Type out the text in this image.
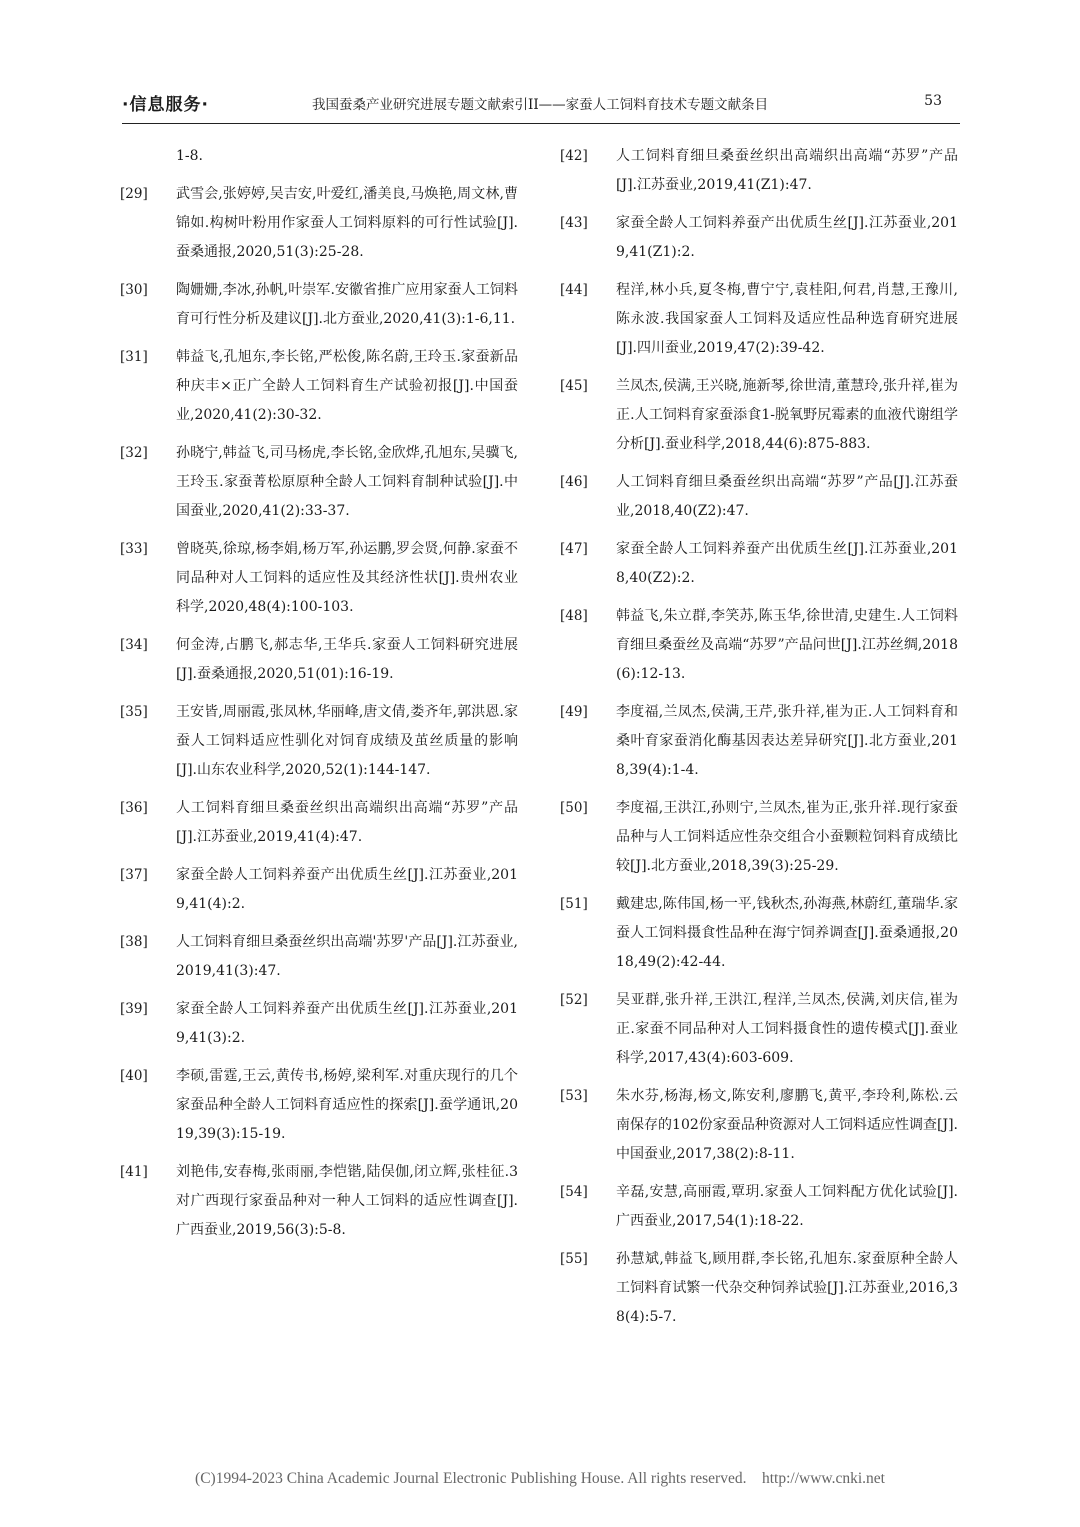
·信息服务·	我国蚕桑产业研究进展专题文献索引II——家蚕人工饲料育技术专题文献条目	53
1-8.
[29]	武雪会,张婷婷,吴吉安,叶爱红,潘美良,马焕艳,周文林,曹锦如.构树叶粉用作家蚕人工饲料原料的可行性试验[J].蚕桑通报,2020,51(3):25-28.
[30]	陶姗姗,李冰,孙帆,叶崇军.安徽省推广应用家蚕人工饲料育可行性分析及建议[J].北方蚕业,2020,41(3):1-6,11.
[31]	韩益飞,孔旭东,李长铭,严松俊,陈名蔚,王玲玉.家蚕新品种庆丰×正广全龄人工饲料育生产试验初报[J].中国蚕业,2020,41(2):30-32.
[32]	孙晓宁,韩益飞,司马杨虎,李长铭,金欣烨,孔旭东,吴骥飞,王玲玉.家蚕菁松原原种全龄人工饲料育制种试验[J].中国蚕业,2020,41(2):33-37.
[33]	曾晓英,徐琼,杨李娟,杨万军,孙运鹏,罗会贤,何静.家蚕不同品种对人工饲料的适应性及其经济性状[J].贵州农业科学,2020,48(4):100-103.
[34]	何金涛,占鹏飞,郝志华,王华兵.家蚕人工饲料研究进展[J].蚕桑通报,2020,51(01):16-19.
[35]	王安皆,周丽霞,张凤林,华丽峰,唐文倩,娄齐年,郭洪恩.家蚕人工饲料适应性驯化对饲育成绩及茧丝质量的影响[J].山东农业科学,2020,52(1):144-147.
[36]	人工饲料育细旦桑蚕丝织出高端织出高端“苏罗”产品[J].江苏蚕业,2019,41(4):47.
[37]	家蚕全龄人工饲料养蚕产出优质生丝[J].江苏蚕业,2019,41(4):2.
[38]	人工饲料育细旦桑蚕丝织出高端'苏罗'产品[J].江苏蚕业,2019,41(3):47.
[39]	家蚕全龄人工饲料养蚕产出优质生丝[J].江苏蚕业,2019,41(3):2.
[40]	李硕,雷霆,王云,黄传书,杨婷,梁利军.对重庆现行的几个家蚕品种全龄人工饲料育适应性的探索[J].蚕学通讯,2019,39(3):15-19.
[41]	刘艳伟,安春梅,张雨丽,李恺锴,陆俣伽,闭立辉,张桂征.3对广西现行家蚕品种对一种人工饲料的适应性调查[J].广西蚕业,2019,56(3):5-8.
[42]	人工饲料育细旦桑蚕丝织出高端织出高端“苏罗”产品[J].江苏蚕业,2019,41(Z1):47.
[43]	家蚕全龄人工饲料养蚕产出优质生丝[J].江苏蚕业,2019,41(Z1):2.
[44]	程洋,林小兵,夏冬梅,曹宁宁,袁桂阳,何君,肖慧,王豫川,陈永波.我国家蚕人工饲料及适应性品种选育研究进展[J].四川蚕业,2019,47(2):39-42.
[45]	兰凤杰,侯满,王兴晓,施新琴,徐世清,董慧玲,张升祥,崔为正.人工饲料育家蚕添食1-脱氧野尻霉素的血液代谢组学分析[J].蚕业科学,2018,44(6):875-883.
[46]	人工饲料育细旦桑蚕丝织出高端“苏罗”产品[J].江苏蚕业,2018,40(Z2):47.
[47]	家蚕全龄人工饲料养蚕产出优质生丝[J].江苏蚕业,2018,40(Z2):2.
[48]	韩益飞,朱立群,李笑苏,陈玉华,徐世清,史建生.人工饲料育细旦桑蚕丝及高端“苏罗”产品问世[J].江苏丝绸,2018(6):12-13.
[49]	李度福,兰凤杰,侯满,王芹,张升祥,崔为正.人工饲料育和桑叶育家蚕消化酶基因表达差异研究[J].北方蚕业,2018,39(4):1-4.
[50]	李度福,王洪江,孙则宁,兰凤杰,崔为正,张升祥.现行家蚕品种与人工饲料适应性杂交组合小蚕颗粒饲料育成绩比较[J].北方蚕业,2018,39(3):25-29.
[51]	戴建忠,陈伟国,杨一平,钱秋杰,孙海燕,林蔚红,董瑞华.家蚕人工饲料摄食性品种在海宁饲养调查[J].蚕桑通报,2018,49(2):42-44.
[52]	吴亚群,张升祥,王洪江,程洋,兰凤杰,侯满,刘庆信,崔为正.家蚕不同品种对人工饲料摄食性的遗传模式[J].蚕业科学,2017,43(4):603-609.
[53]	朱水芬,杨海,杨文,陈安利,廖鹏飞,黄平,李玲利,陈松.云南保存的102份家蚕品种资源对人工饲料适应性调查[J].中国蚕业,2017,38(2):8-11.
[54]	辛磊,安慧,高丽霞,覃玥.家蚕人工饲料配方优化试验[J].广西蚕业,2017,54(1):18-22.
[55]	孙慧斌,韩益飞,顾用群,李长铭,孔旭东.家蚕原种全龄人工饲料育试繁一代杂交种饲养试验[J].江苏蚕业,2016,38(4):5-7.
(C)1994-2023 China Academic Journal Electronic Publishing House. All rights reserved.    http://www.cnki.net
